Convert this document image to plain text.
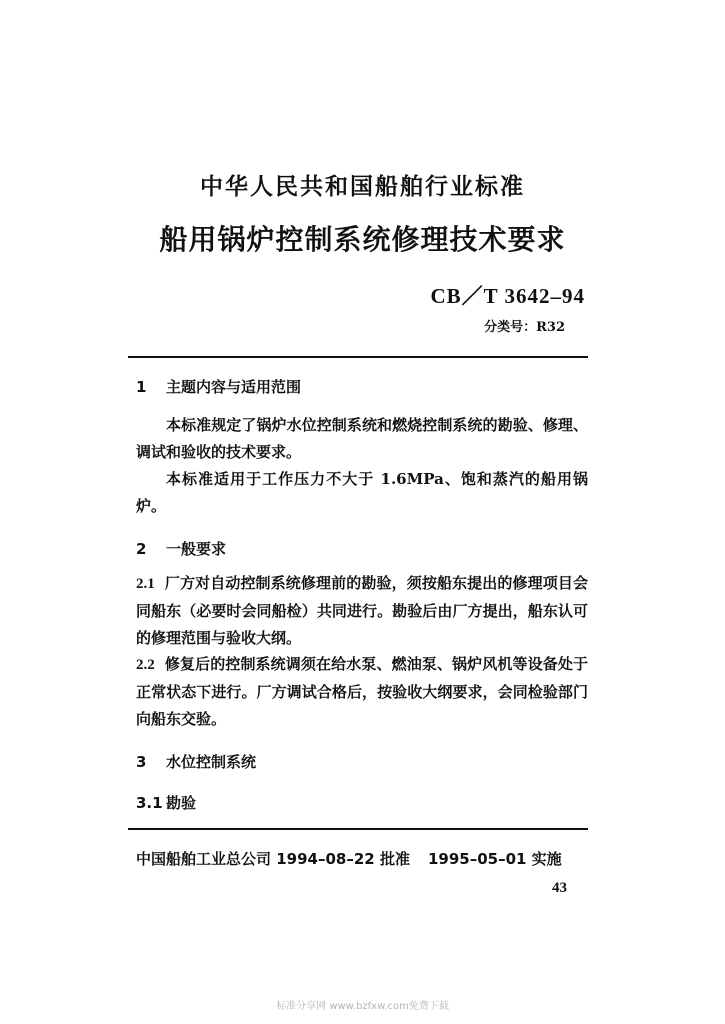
中华人民共和国船舶行业标准
船用锅炉控制系统修理技术要求
CB／T 3642–94
分类号：R32
1 主题内容与适用范围

本标准规定了锅炉水位控制系统和燃烧控制系统的勘验、修理、调试和验收的技术要求。

本标准适用于工作压力不大于 1.6MPa、饱和蒸汽的船用锅炉。

2 一般要求

2.1 厂方对自动控制系统修理前的勘验，须按船东提出的修理项目会同船东（必要时会同船检）共同进行。勘验后由厂方提出，船东认可的修理范围与验收大纲。

2.2 修复后的控制系统调须在给水泵、燃油泵、锅炉风机等设备处于正常状态下进行。厂方调试合格后，按验收大纲要求，会同检验部门向船东交验。

3 水位控制系统
3.1 勘验
中国船舶工业总公司 1994–08–22 批准 1995–05–01 实施
43
标准分享网 www.bzfxw.com免费下载
